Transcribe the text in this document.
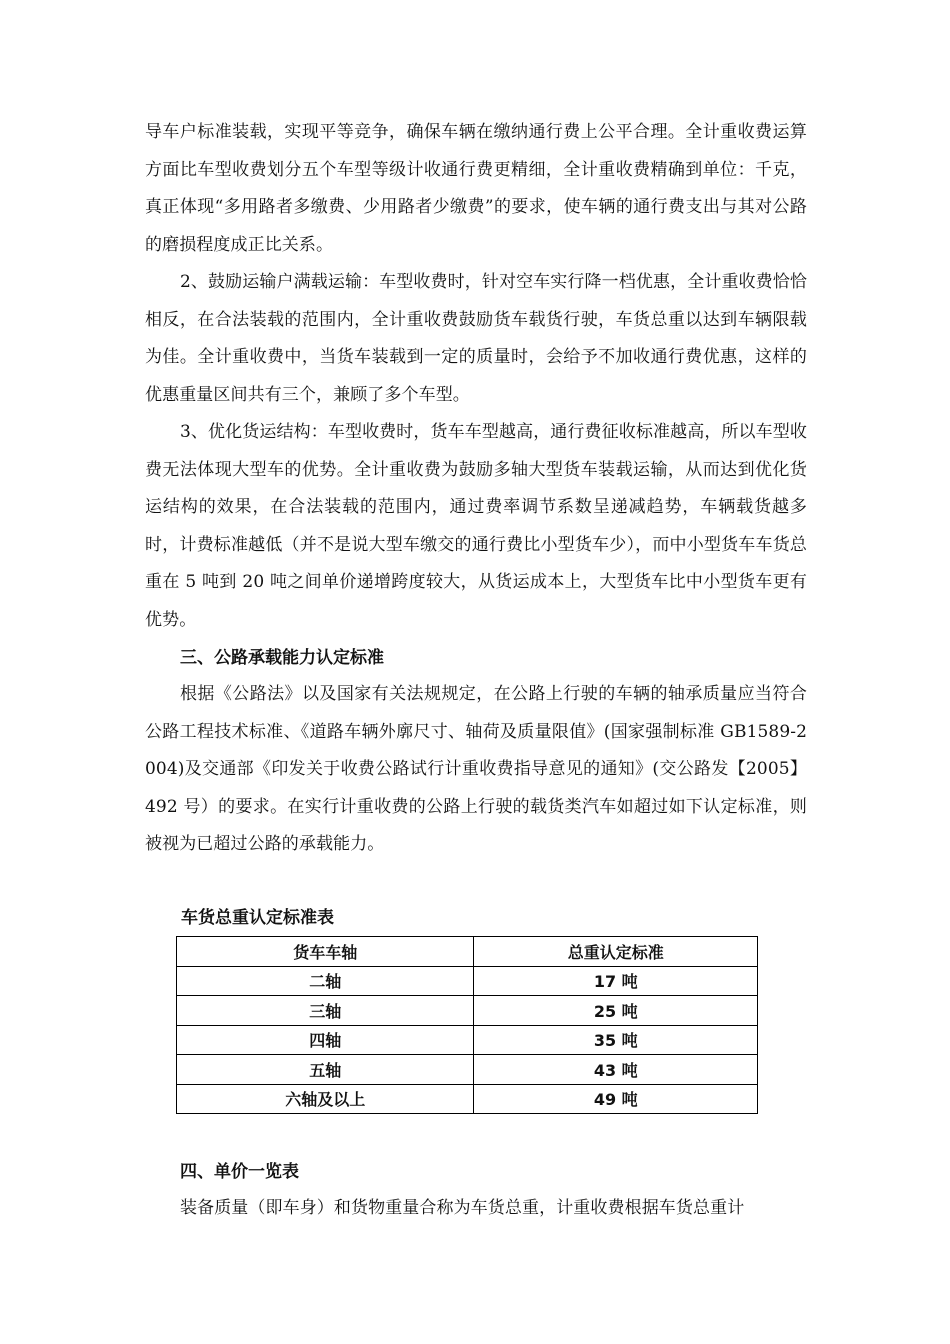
导车户标准装载，实现平等竞争，确保车辆在缴纳通行费上公平合理。全计重收费运算方面比车型收费划分五个车型等级计收通行费更精细，全计重收费精确到单位：千克，真正体现“多用路者多缴费、少用路者少缴费”的要求，使车辆的通行费支出与其对公路的磨损程度成正比关系。

2、鼓励运输户满载运输：车型收费时，针对空车实行降一档优惠，全计重收费恰恰相反，在合法装载的范围内，全计重收费鼓励货车载货行驶，车货总重以达到车辆限载为佳。全计重收费中，当货车装载到一定的质量时，会给予不加收通行费优惠，这样的优惠重量区间共有三个，兼顾了多个车型。

3、优化货运结构：车型收费时，货车车型越高，通行费征收标准越高，所以车型收费无法体现大型车的优势。全计重收费为鼓励多轴大型货车装载运输，从而达到优化货运结构的效果，在合法装载的范围内，通过费率调节系数呈递减趋势，车辆载货越多时，计费标准越低（并不是说大型车缴交的通行费比小型货车少），而中小型货车车货总重在 5 吨到 20 吨之间单价递增跨度较大，从货运成本上，大型货车比中小型货车更有优势。

三、公路承载能力认定标准

根据《公路法》以及国家有关法规规定，在公路上行驶的车辆的轴承质量应当符合公路工程技术标准、《道路车辆外廓尺寸、轴荷及质量限值》(国家强制标准 GB1589-2004)及交通部《印发关于收费公路试行计重收费指导意见的通知》(交公路发【2005】492 号）的要求。在实行计重收费的公路上行驶的载货类汽车如超过如下认定标准，则被视为已超过公路的承载能力。

车货总重认定标准表
货车车轴	总重认定标准
二轴	17 吨
三轴	25 吨
四轴	35 吨
五轴	43 吨
六轴及以上	49 吨
四、单价一览表

装备质量（即车身）和货物重量合称为车货总重，计重收费根据车货总重计
